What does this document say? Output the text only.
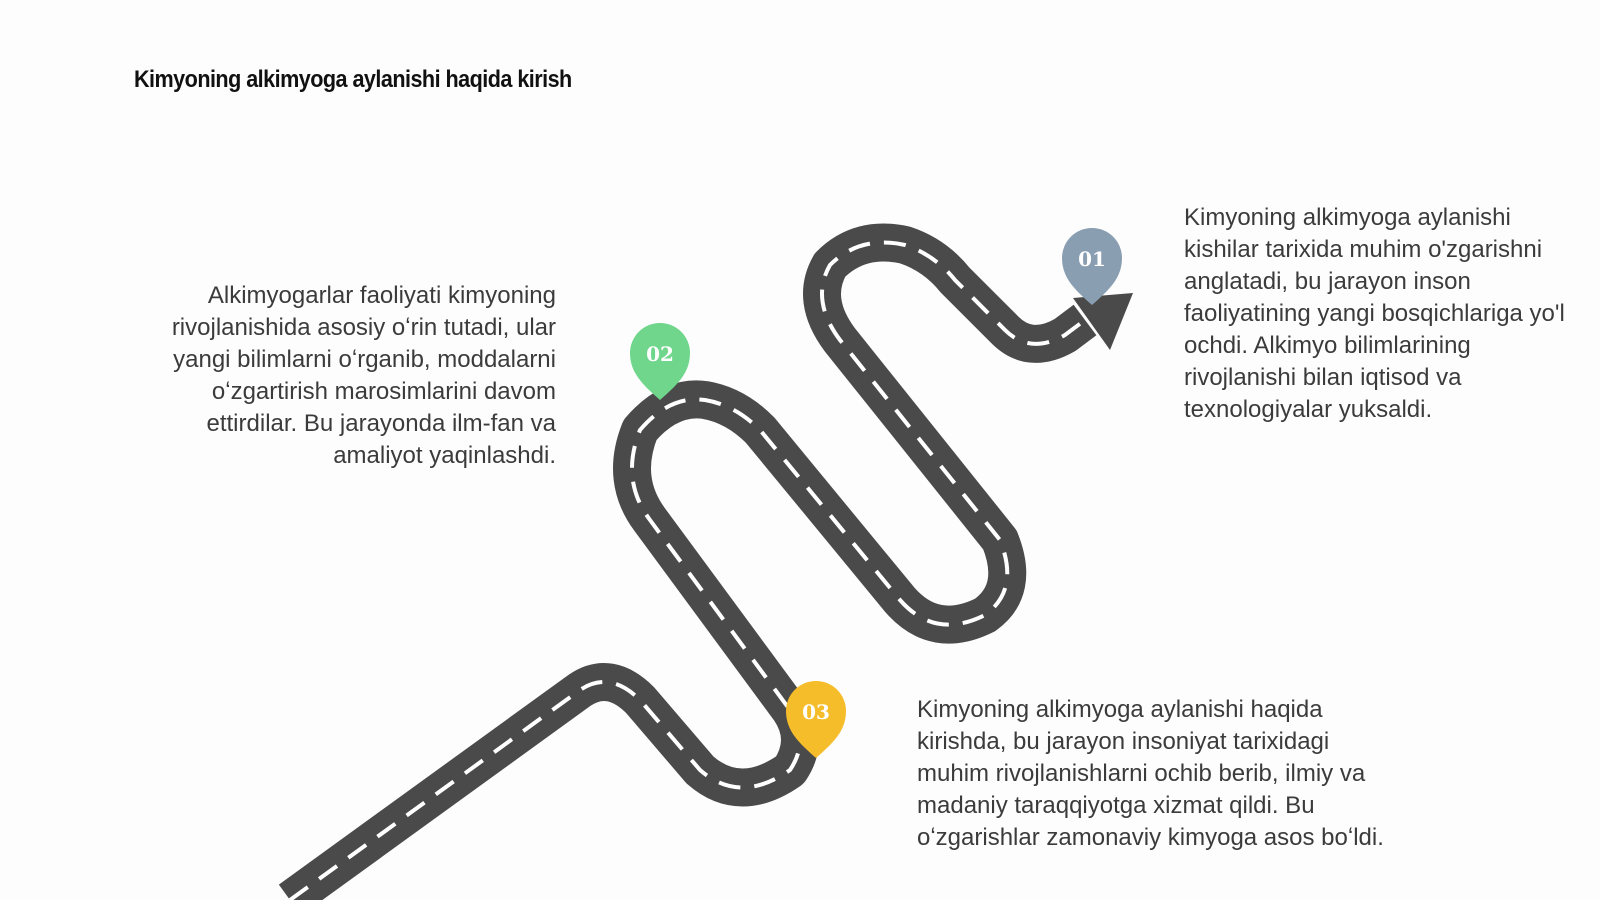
Kimyoning alkimyoga aylanishi haqida kirish
01
02
03
Alkimyogarlar faoliyati kimyoning rivojlanishida asosiy oʻrin tutadi, ular yangi bilimlarni oʻrganib, moddalarni oʻzgartirish marosimlarini davom ettirdilar. Bu jarayonda ilm-fan va amaliyot yaqinlashdi.
Kimyoning alkimyoga aylanishi kishilar tarixida muhim o'zgarishni anglatadi, bu jarayon inson faoliyatining yangi bosqichlariga yo'l ochdi. Alkimyo bilimlarining rivojlanishi bilan iqtisod va texnologiyalar yuksaldi.
Kimyoning alkimyoga aylanishi haqida kirishda, bu jarayon insoniyat tarixidagi muhim rivojlanishlarni ochib berib, ilmiy va madaniy taraqqiyotga xizmat qildi. Bu oʻzgarishlar zamonaviy kimyoga asos boʻldi.
